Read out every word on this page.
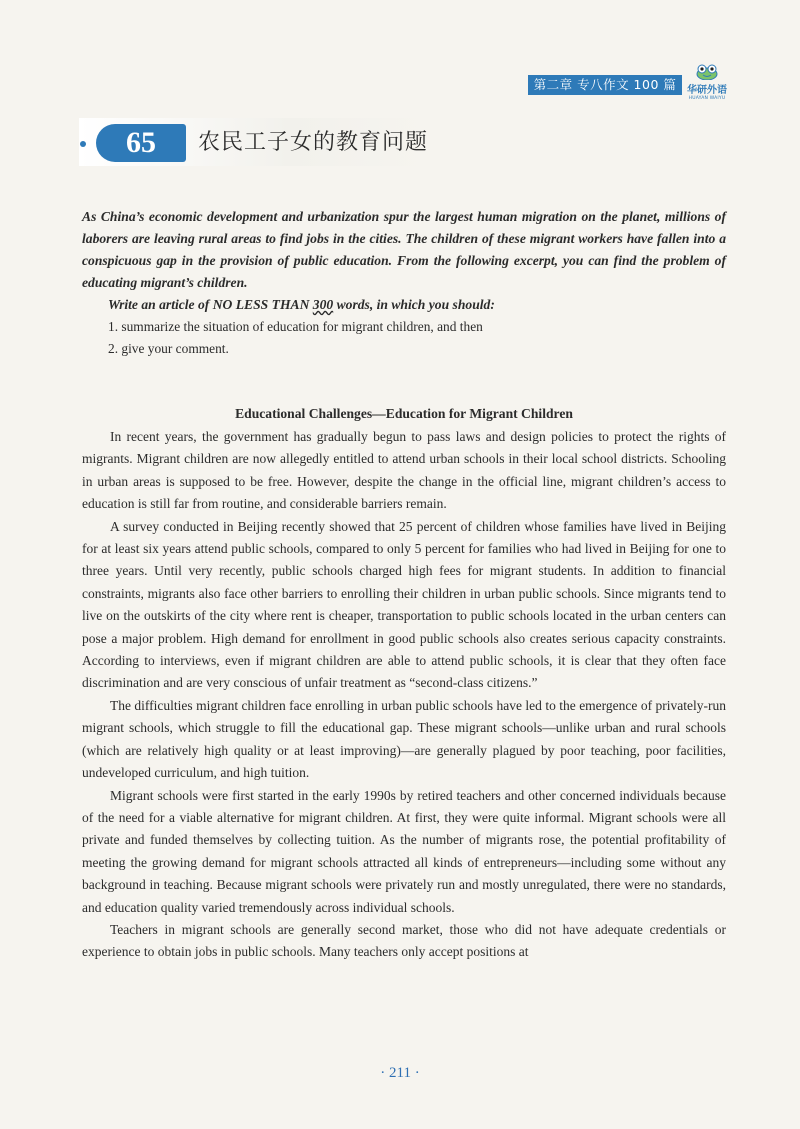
第二章 专八作文 100 篇	华研外语
HUAYAN WAIYU
65	农民工子女的教育问题

As China’s economic development and urbanization spur the largest human migration on the planet, millions of laborers are leaving rural areas to find jobs in the cities. The children of these migrant workers have fallen into a conspicuous gap in the provision of public education. From the following excerpt, you can find the problem of educating migrant’s children.

Write an article of NO LESS THAN 300 words, in which you should:

1. summarize the situation of education for migrant children, and then

2. give your comment.

Educational Challenges—Education for Migrant Children

In recent years, the government has gradually begun to pass laws and design policies to protect the rights of migrants. Migrant children are now allegedly entitled to attend urban schools in their local school districts. Schooling in urban areas is supposed to be free. However, despite the change in the official line, migrant children’s access to education is still far from routine, and considerable barriers remain.

A survey conducted in Beijing recently showed that 25 percent of children whose families have lived in Beijing for at least six years attend public schools, compared to only 5 percent for families who had lived in Beijing for one to three years. Until very recently, public schools charged high fees for migrant students. In addition to financial constraints, migrants also face other barriers to enrolling their children in urban public schools. Since migrants tend to live on the outskirts of the city where rent is cheaper, transportation to public schools located in the urban centers can pose a major problem. High demand for enrollment in good public schools also creates serious capacity constraints. According to interviews, even if migrant children are able to attend public schools, it is clear that they often face discrimination and are very conscious of unfair treatment as “second-class citizens.”

The difficulties migrant children face enrolling in urban public schools have led to the emergence of privately-run migrant schools, which struggle to fill the educational gap. These migrant schools—unlike urban and rural schools (which are relatively high quality or at least improving)—are generally plagued by poor teaching, poor facilities, undeveloped curriculum, and high tuition.

Migrant schools were first started in the early 1990s by retired teachers and other concerned individuals because of the need for a viable alternative for migrant children. At first, they were quite informal. Migrant schools were all private and funded themselves by collecting tuition. As the number of migrants rose, the potential profitability of meeting the growing demand for migrant schools attracted all kinds of entrepreneurs—including some without any background in teaching. Because migrant schools were privately run and mostly unregulated, there were no standards, and education quality varied tremendously across individual schools.

Teachers in migrant schools are generally second market, those who did not have adequate credentials or experience to obtain jobs in public schools. Many teachers only accept positions at

· 211 ·
